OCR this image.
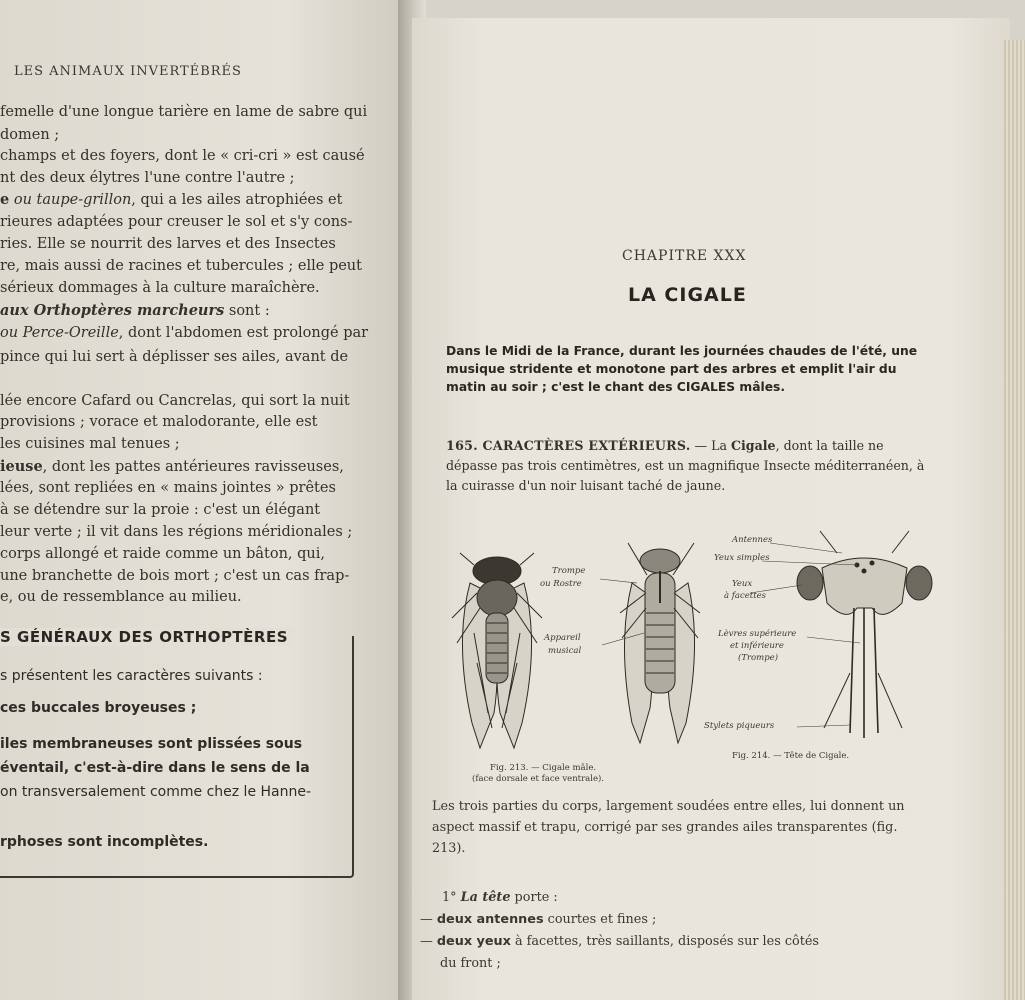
LES ANIMAUX INVERTÉBRÉS
femelle d'une longue tarière en lame de sabre qui
domen ;
champs et des foyers, dont le « cri-cri » est causé
nt des deux élytres l'une contre l'autre ;
e ou taupe-grillon, qui a les ailes atrophiées et
rieures adaptées pour creuser le sol et s'y cons-
ries. Elle se nourrit des larves et des Insectes
re, mais aussi de racines et tubercules ; elle peut
sérieux dommages à la culture maraîchère.
aux Orthoptères marcheurs sont :
ou Perce-Oreille, dont l'abdomen est prolongé par
pince qui lui sert à déplisser ses ailes, avant de
lée encore Cafard ou Cancrelas, qui sort la nuit
provisions ; vorace et malodorante, elle est
les cuisines mal tenues ;
ieuse, dont les pattes antérieures ravisseuses,
lées, sont repliées en « mains jointes » prêtes
à se détendre sur la proie : c'est un élégant
leur verte ; il vit dans les régions méridionales ;
corps allongé et raide comme un bâton, qui,
une branchette de bois mort ; c'est un cas frap-
e, ou de ressemblance au milieu.
S GÉNÉRAUX DES ORTHOPTÈRES
s présentent les caractères suivants :
ces buccales broyeuses ;
iles membraneuses sont plissées sous
éventail, c'est-à-dire dans le sens de la
on transversalement comme chez le Hanne-
rphoses sont incomplètes.
CHAPITRE XXX
LA CIGALE
Dans le Midi de la France, durant les journées chaudes de l'été, une musique stridente et monotone part des arbres et emplit l'air du matin au soir ; c'est le chant des CIGALES mâles.
165. CARACTÈRES EXTÉRIEURS. — La Cigale, dont la taille ne dépasse pas trois centimètres, est un magnifique Insecte méditerranéen, à la cuirasse d'un noir luisant taché de jaune.
Trompe
ou Rostre
Appareil
musical
Antennes
Yeux simples
Yeux
à facettes
Lèvres supérieure
et inférieure
(Trompe)
Stylets piqueurs
Fig. 213. — Cigale mâle.
(face dorsale et face ventrale).
Fig. 214. — Tête de Cigale.
Les trois parties du corps, largement soudées entre elles, lui donnent un aspect massif et trapu, corrigé par ses grandes ailes transparentes (fig. 213).
1° La tête porte :
— deux antennes courtes et fines ;
— deux yeux à facettes, très saillants, disposés sur les côtés
du front ;
